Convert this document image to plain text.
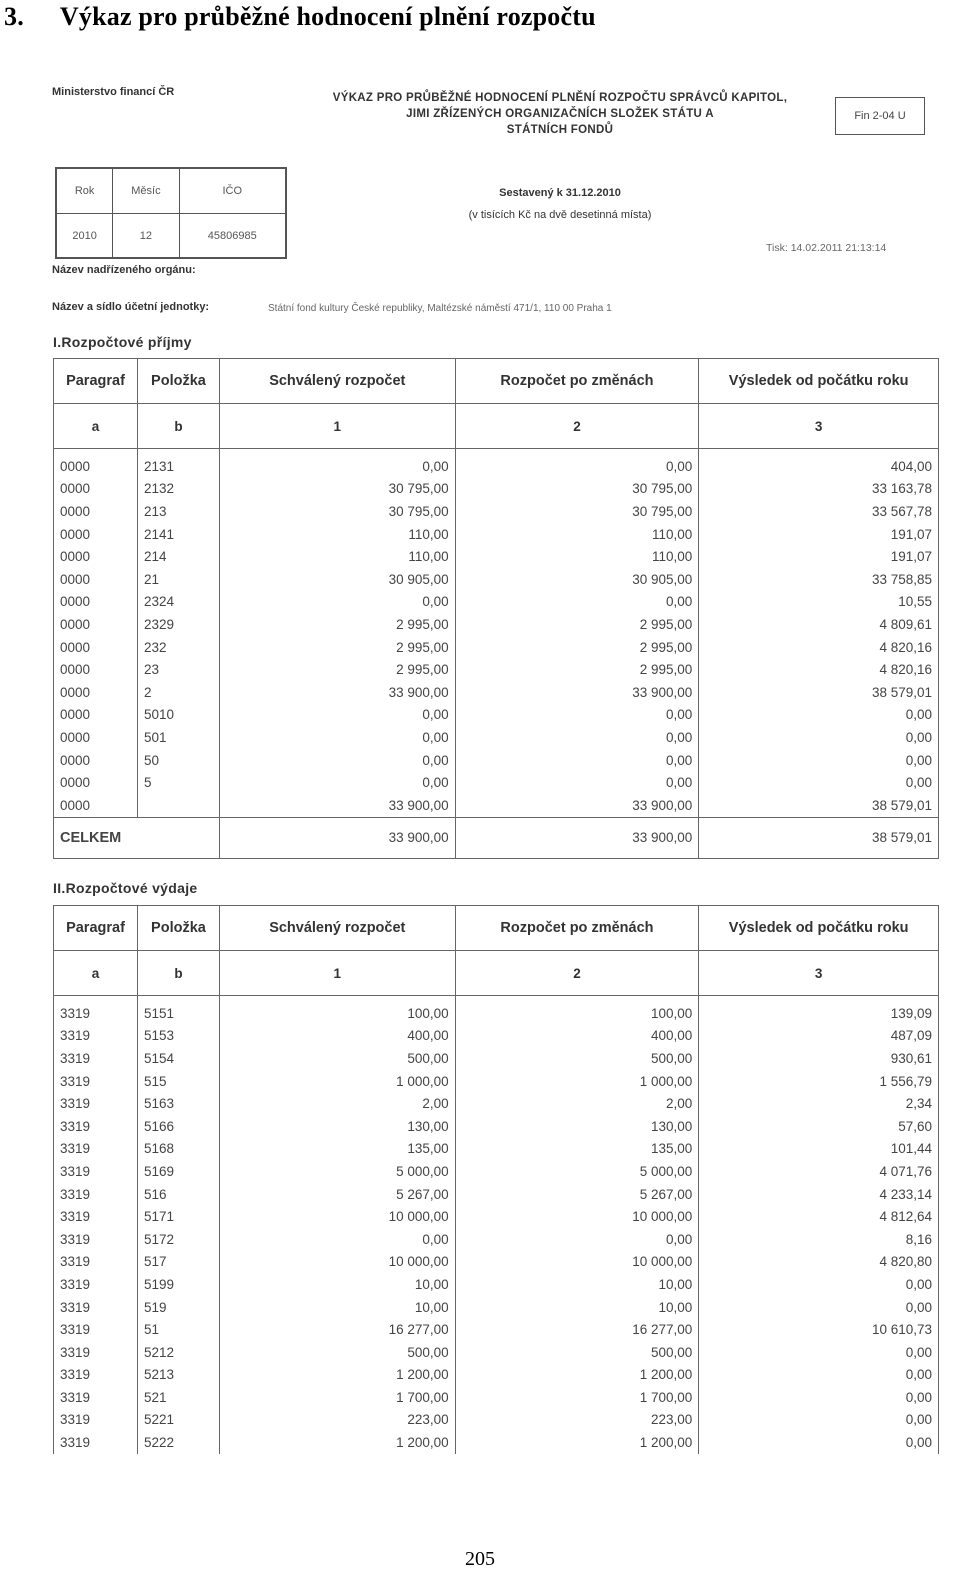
3. Výkaz pro průběžné hodnocení plnění rozpočtu
Ministerstvo financí ČR	VÝKAZ PRO PRŮBĚŽNÉ HODNOCENÍ PLNĚNÍ ROZPOČTU SPRÁVCŮ KAPITOL,
JIMI ZŘÍZENÝCH ORGANIZAČNÍCH SLOŽEK STÁTU A
STÁTNÍCH FONDŮ
Fin 2-04 U
Rok	Měsíc	IČO
2010	12	45806985
Sestavený k 31.12.2010
(v tisících Kč na dvě desetinná místa)
Tisk: 14.02.2011 21:13:14
Název nadřízeného orgánu:
Název a sídlo účetní jednotky:	Státní fond kultury České republiky, Maltézské náměstí 471/1, 110 00 Praha 1
I.Rozpočtové příjmy
Paragraf	Položka	Schválený rozpočet	Rozpočet po změnách	Výsledek od počátku roku
a	b	1	2	3
0000	2131	0,00	0,00	404,00
0000	2132	30 795,00	30 795,00	33 163,78
0000	213	30 795,00	30 795,00	33 567,78
0000	2141	110,00	110,00	191,07
0000	214	110,00	110,00	191,07
0000	21	30 905,00	30 905,00	33 758,85
0000	2324	0,00	0,00	10,55
0000	2329	2 995,00	2 995,00	4 809,61
0000	232	2 995,00	2 995,00	4 820,16
0000	23	2 995,00	2 995,00	4 820,16
0000	2	33 900,00	33 900,00	38 579,01
0000	5010	0,00	0,00	0,00
0000	501	0,00	0,00	0,00
0000	50	0,00	0,00	0,00
0000	5	0,00	0,00	0,00
0000		33 900,00	33 900,00	38 579,01
CELKEM		33 900,00	33 900,00	38 579,01
II.Rozpočtové výdaje
Paragraf	Položka	Schválený rozpočet	Rozpočet po změnách	Výsledek od počátku roku
a	b	1	2	3
3319	5151	100,00	100,00	139,09
3319	5153	400,00	400,00	487,09
3319	5154	500,00	500,00	930,61
3319	515	1 000,00	1 000,00	1 556,79
3319	5163	2,00	2,00	2,34
3319	5166	130,00	130,00	57,60
3319	5168	135,00	135,00	101,44
3319	5169	5 000,00	5 000,00	4 071,76
3319	516	5 267,00	5 267,00	4 233,14
3319	5171	10 000,00	10 000,00	4 812,64
3319	5172	0,00	0,00	8,16
3319	517	10 000,00	10 000,00	4 820,80
3319	5199	10,00	10,00	0,00
3319	519	10,00	10,00	0,00
3319	51	16 277,00	16 277,00	10 610,73
3319	5212	500,00	500,00	0,00
3319	5213	1 200,00	1 200,00	0,00
3319	521	1 700,00	1 700,00	0,00
3319	5221	223,00	223,00	0,00
3319	5222	1 200,00	1 200,00	0,00
205
